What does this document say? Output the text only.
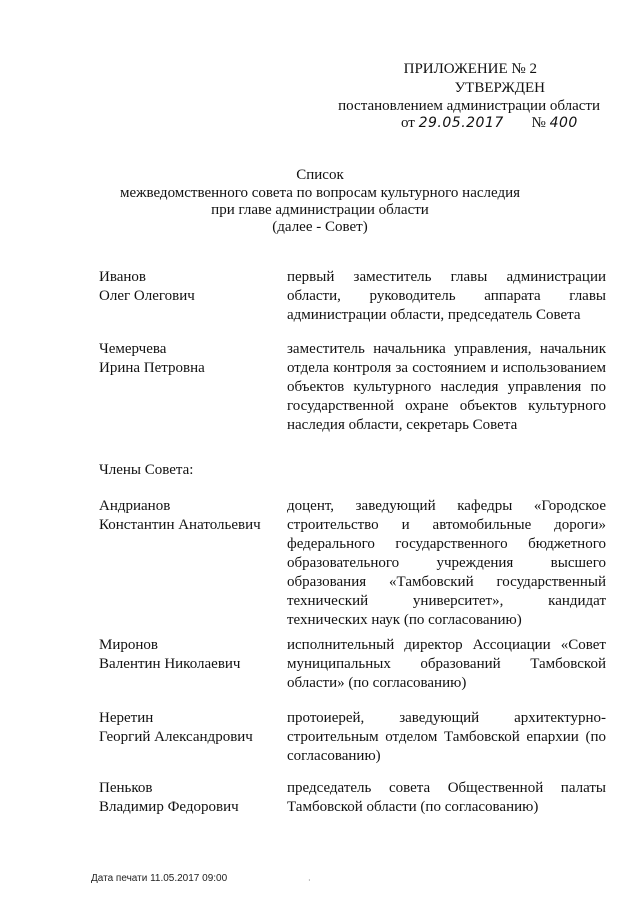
ПРИЛОЖЕНИЕ № 2
УТВЕРЖДЕН
постановлением администрации области
от 29.05.2017 № 400
Список
межведомственного совета по вопросам культурного наследия
при главе администрации области
(далее - Совет)
Иванов
Олег Олегович
первый заместитель главы администрации области, руководитель аппарата главы администрации области, председатель Совета
Чемерчева
Ирина Петровна
заместитель начальника управления, начальник отдела контроля за состоянием и использованием объектов культурного наследия управления по государственной охране объектов культурного наследия области, секретарь Совета
Члены Совета:
Андрианов
Константин Анатольевич
доцент, заведующий кафедры «Городское строительство и автомобильные дороги» федерального государственного бюджетного образовательного учреждения высшего образования «Тамбовский государственный технический университет», кандидат технических наук (по согласованию)
Миронов
Валентин Николаевич
исполнительный директор Ассоциации «Совет муниципальных образований Тамбовской области» (по согласованию)
Неретин
Георгий Александрович
протоиерей, заведующий архитектурно-строительным отделом Тамбовской епархии (по согласованию)
Пеньков
Владимир Федорович
председатель совета Общественной палаты Тамбовской области (по согласованию)
Дата печати 11.05.2017 09:00	·
